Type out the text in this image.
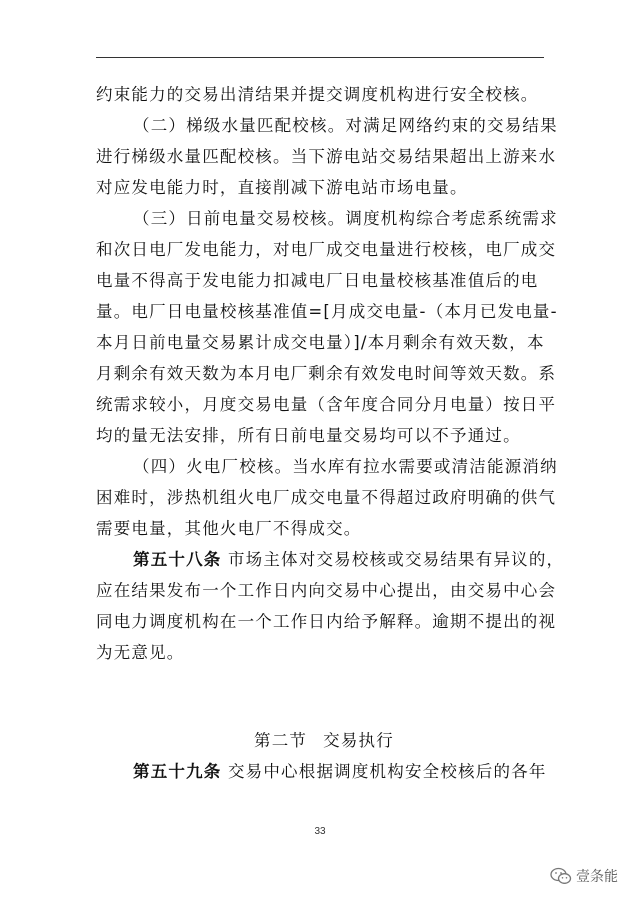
约束能力的交易出清结果并提交调度机构进行安全校核。
（二）梯级水量匹配校核。对满足网络约束的交易结果
进行梯级水量匹配校核。当下游电站交易结果超出上游来水
对应发电能力时，直接削减下游电站市场电量。
（三）日前电量交易校核。调度机构综合考虑系统需求
和次日电厂发电能力，对电厂成交电量进行校核，电厂成交
电量不得高于发电能力扣减电厂日电量校核基准值后的电
量。电厂日电量校核基准值=[月成交电量-（本月已发电量-
本月日前电量交易累计成交电量）]/本月剩余有效天数，本
月剩余有效天数为本月电厂剩余有效发电时间等效天数。系
统需求较小，月度交易电量（含年度合同分月电量）按日平
均的量无法安排，所有日前电量交易均可以不予通过。
（四）火电厂校核。当水库有拉水需要或清洁能源消纳
困难时，涉热机组火电厂成交电量不得超过政府明确的供气
需要电量，其他火电厂不得成交。
第五十八条 市场主体对交易校核或交易结果有异议的，
应在结果发布一个工作日内向交易中心提出，由交易中心会
同电力调度机构在一个工作日内给予解释。逾期不提出的视
为无意见。
第二节 交易执行
第五十九条 交易中心根据调度机构安全校核后的各年
33
壹条能
